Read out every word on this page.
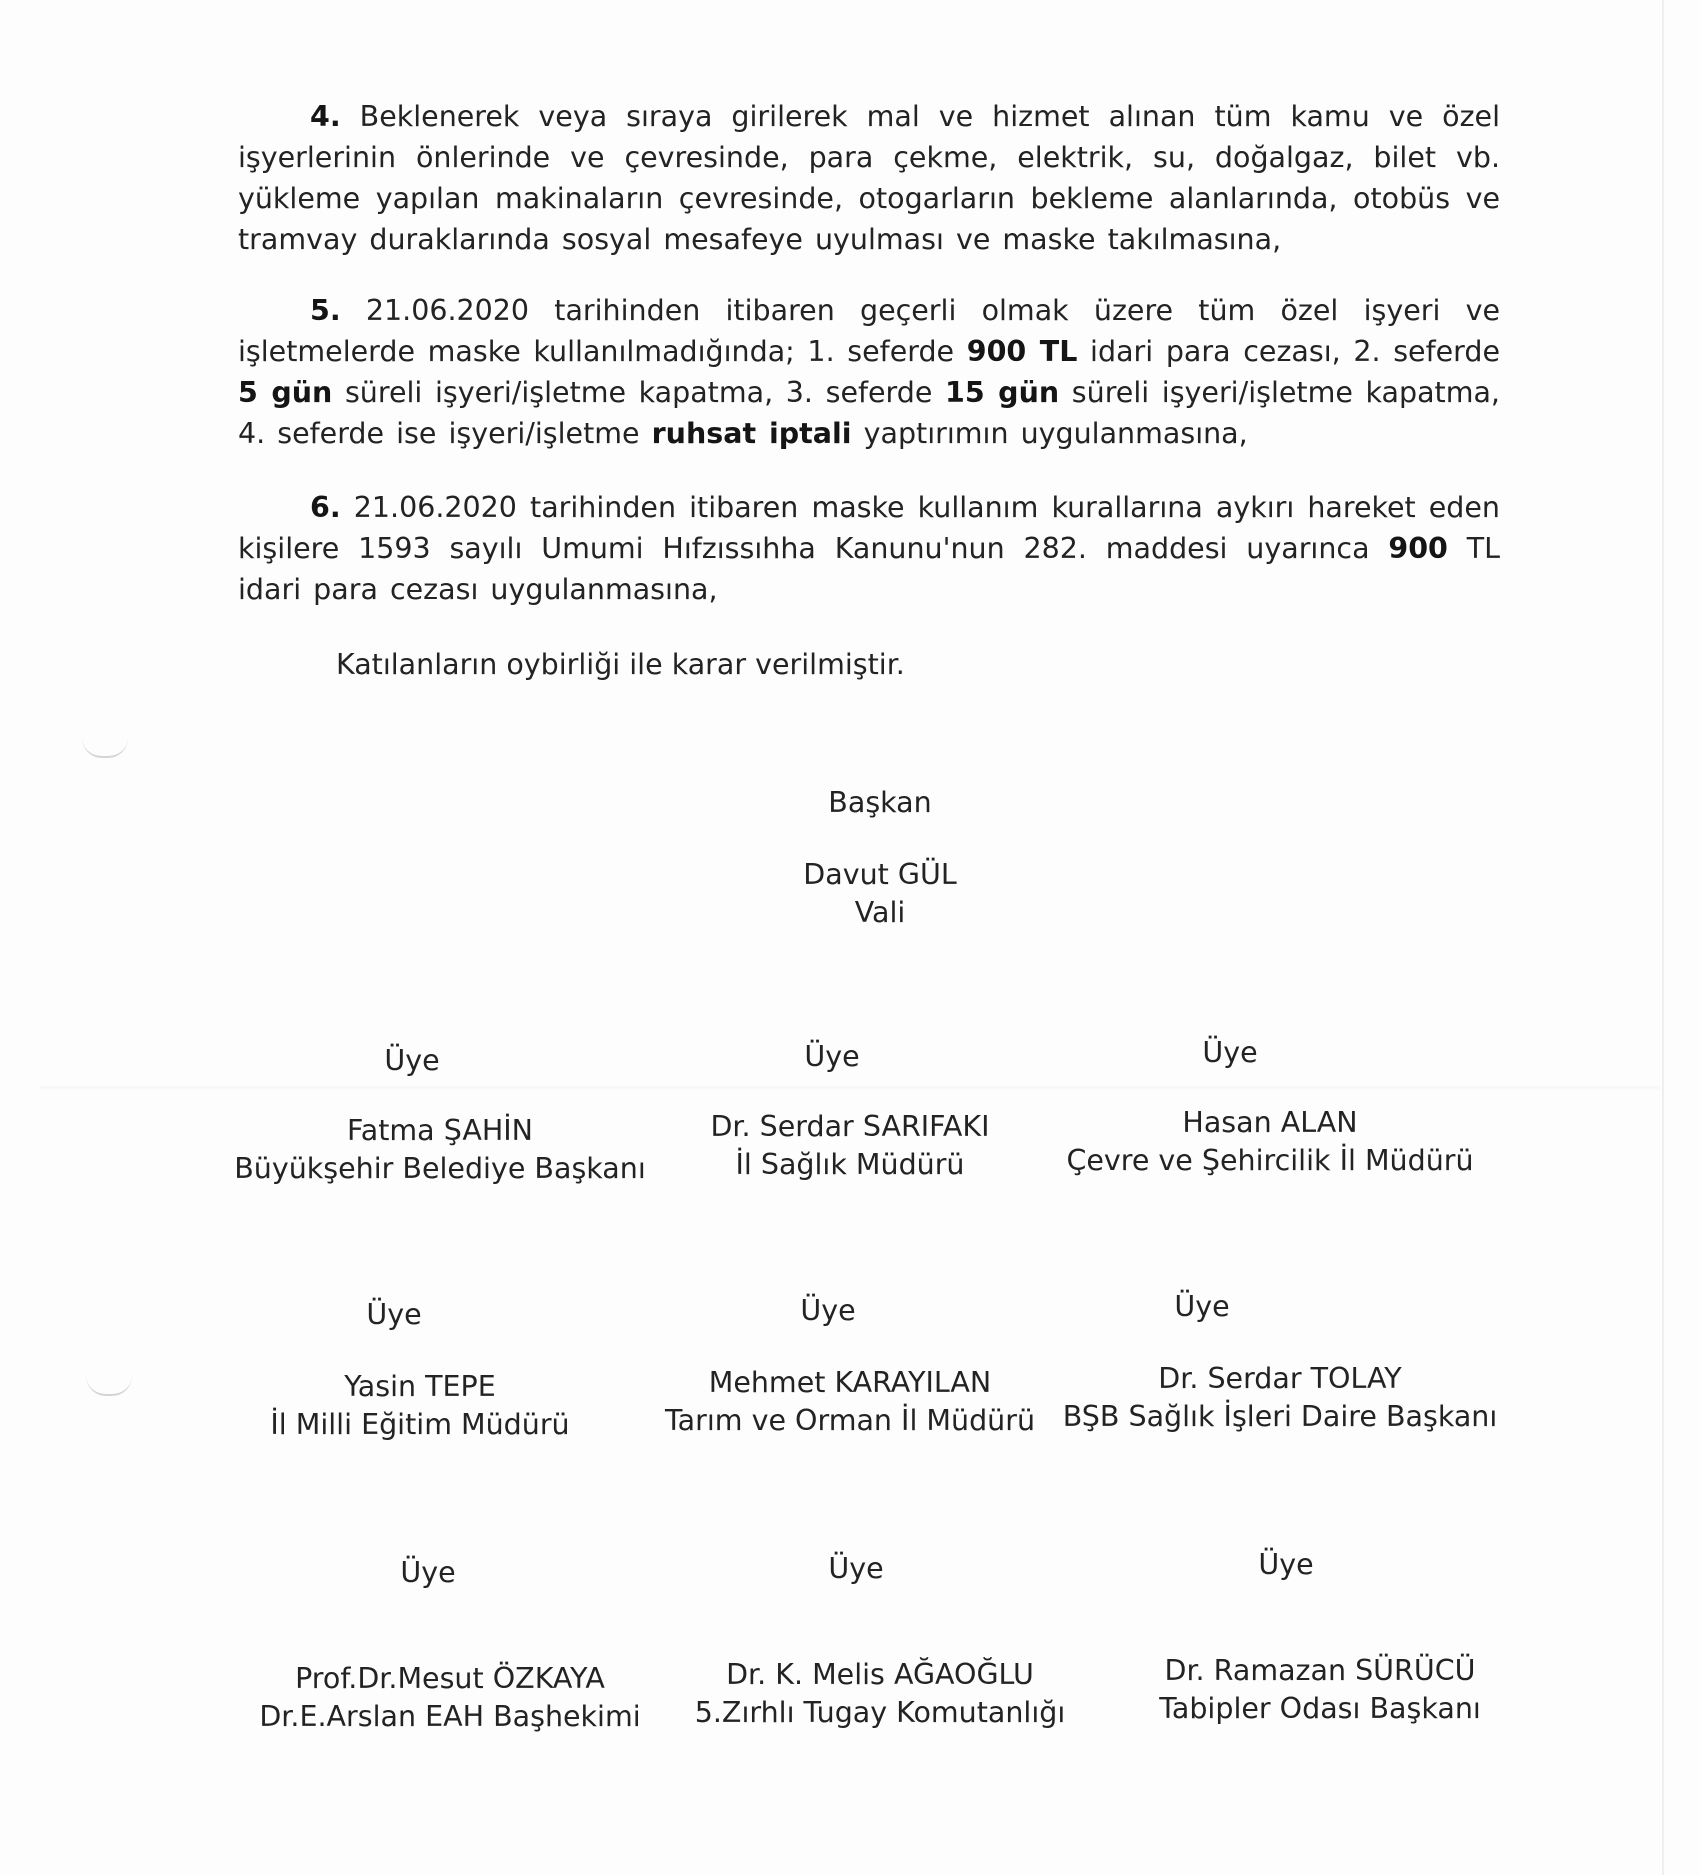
4. Beklenerek veya sıraya girilerek mal ve hizmet alınan tüm kamu ve özel işyerlerinin önlerinde ve çevresinde, para çekme, elektrik, su, doğalgaz, bilet vb. yükleme yapılan makinaların çevresinde, otogarların bekleme alanlarında, otobüs ve tramvay duraklarında sosyal mesafeye uyulması ve maske takılmasına,

5. 21.06.2020 tarihinden itibaren geçerli olmak üzere tüm özel işyeri ve işletmelerde maske kullanılmadığında; 1. seferde 900 TL idari para cezası, 2. seferde 5 gün süreli işyeri/işletme kapatma, 3. seferde 15 gün süreli işyeri/işletme kapatma, 4. seferde ise işyeri/işletme ruhsat iptali yaptırımın uygulanmasına,

6. 21.06.2020 tarihinden itibaren maske kullanım kurallarına aykırı hareket eden kişilere 1593 sayılı Umumi Hıfzıssıhha Kanunu'nun 282. maddesi uyarınca 900 TL idari para cezası uygulanmasına,

Katılanların oybirliği ile karar verilmiştir.
Başkan
Davut GÜL
Vali
Üye	Üye	Üye
Fatma ŞAHİN
Büyükşehir Belediye Başkanı
Dr. Serdar SARIFAKI
İl Sağlık Müdürü
Hasan ALAN
Çevre ve Şehircilik İl Müdürü
Üye	Üye	Üye
Yasin TEPE
İl Milli Eğitim Müdürü
Mehmet KARAYILAN
Tarım ve Orman İl Müdürü
Dr. Serdar TOLAY
BŞB Sağlık İşleri Daire Başkanı
Üye	Üye	Üye
Prof.Dr.Mesut ÖZKAYA
Dr.E.Arslan EAH Başhekimi
Dr. K. Melis AĞAOĞLU
5.Zırhlı Tugay Komutanlığı
Dr. Ramazan SÜRÜCÜ
Tabipler Odası Başkanı
